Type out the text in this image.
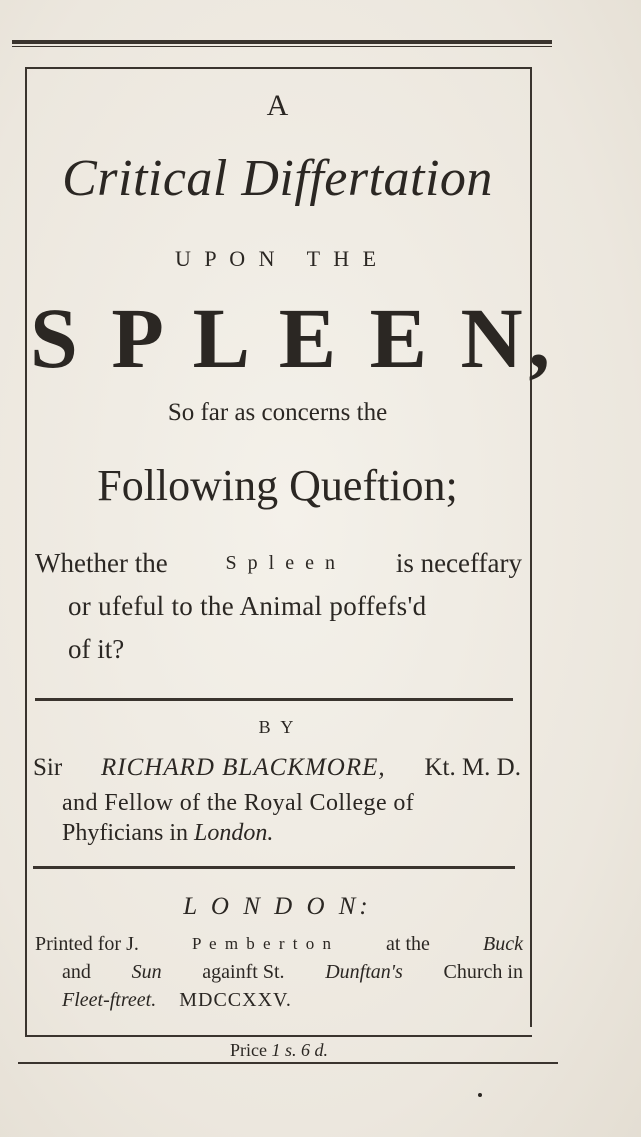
A
Critical Differtation
U P O N   T H E
S P L E E N,
So far as concerns the
Following Queftion;
Whether the	S p l e e n is neceffary
or ufeful to the Animal poffefs'd
of it?
B Y
Sir RICHARD BLACKMORE, Kt. M. D.
and Fellow of the Royal College of
Phyficians in London.
L O N D O N:
Printed for J.	P e m b e r t o n	at the	Buck
and Sun againft St. Dunftan's Church in
Fleet-ftreet. MDCCXXV.
Price 1 s. 6 d.
